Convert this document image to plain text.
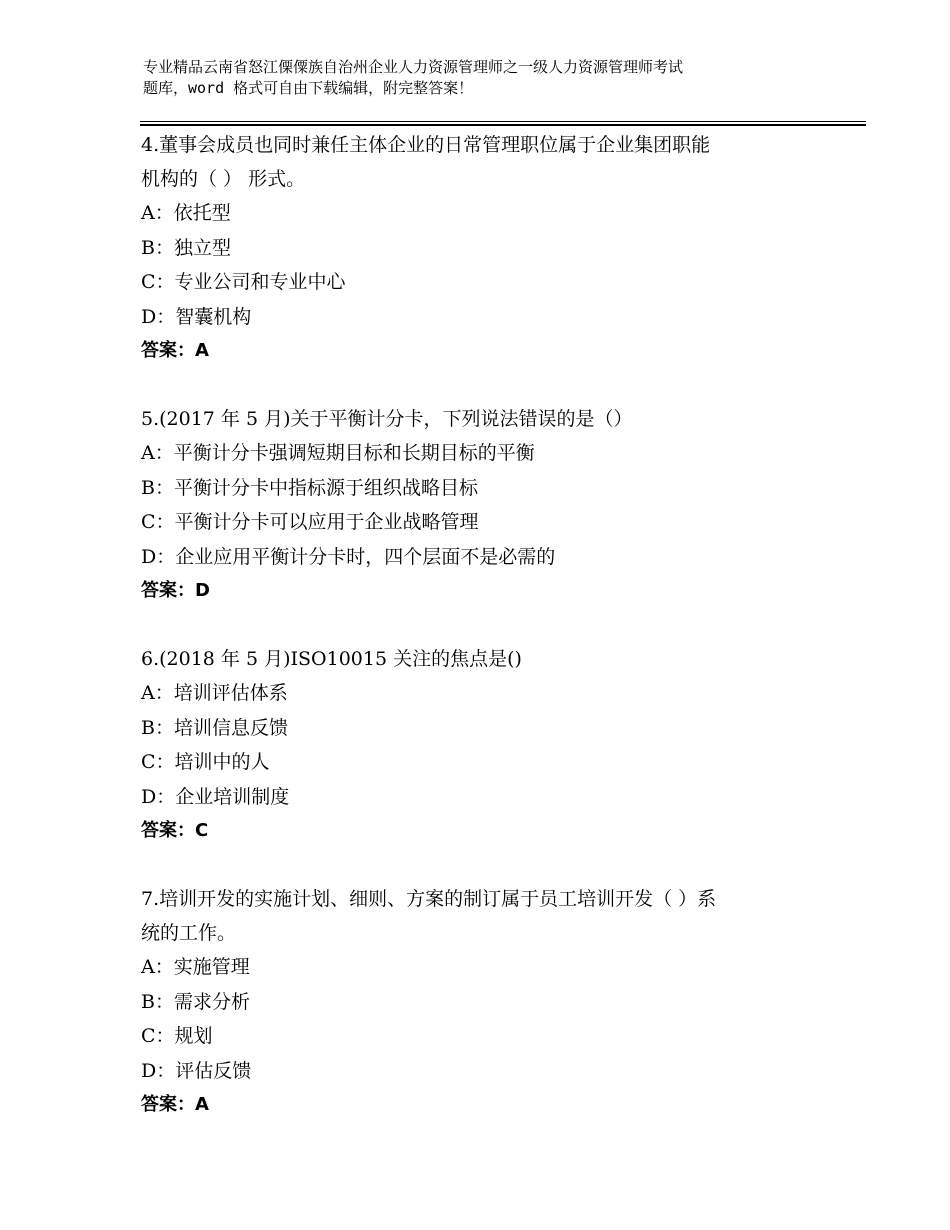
专业精品云南省怒江傈僳族自治州企业人力资源管理师之一级人力资源管理师考试
题库，word 格式可自由下载编辑，附完整答案！

4.董事会成员也同时兼任主体企业的日常管理职位属于企业集团职能

机构的（ ） 形式。

A：依托型

B：独立型

C：专业公司和专业中心

D：智囊机构

答案：A

5.(2017 年 5 月)关于平衡计分卡，下列说法错误的是（）

A：平衡计分卡强调短期目标和长期目标的平衡

B：平衡计分卡中指标源于组织战略目标

C：平衡计分卡可以应用于企业战略管理

D：企业应用平衡计分卡时，四个层面不是必需的

答案：D

6.(2018 年 5 月)ISO10015 关注的焦点是()

A：培训评估体系

B：培训信息反馈

C：培训中的人

D：企业培训制度

答案：C

7.培训开发的实施计划、细则、方案的制订属于员工培训开发（ ）系

统的工作。

A：实施管理

B：需求分析

C：规划

D：评估反馈

答案：A
